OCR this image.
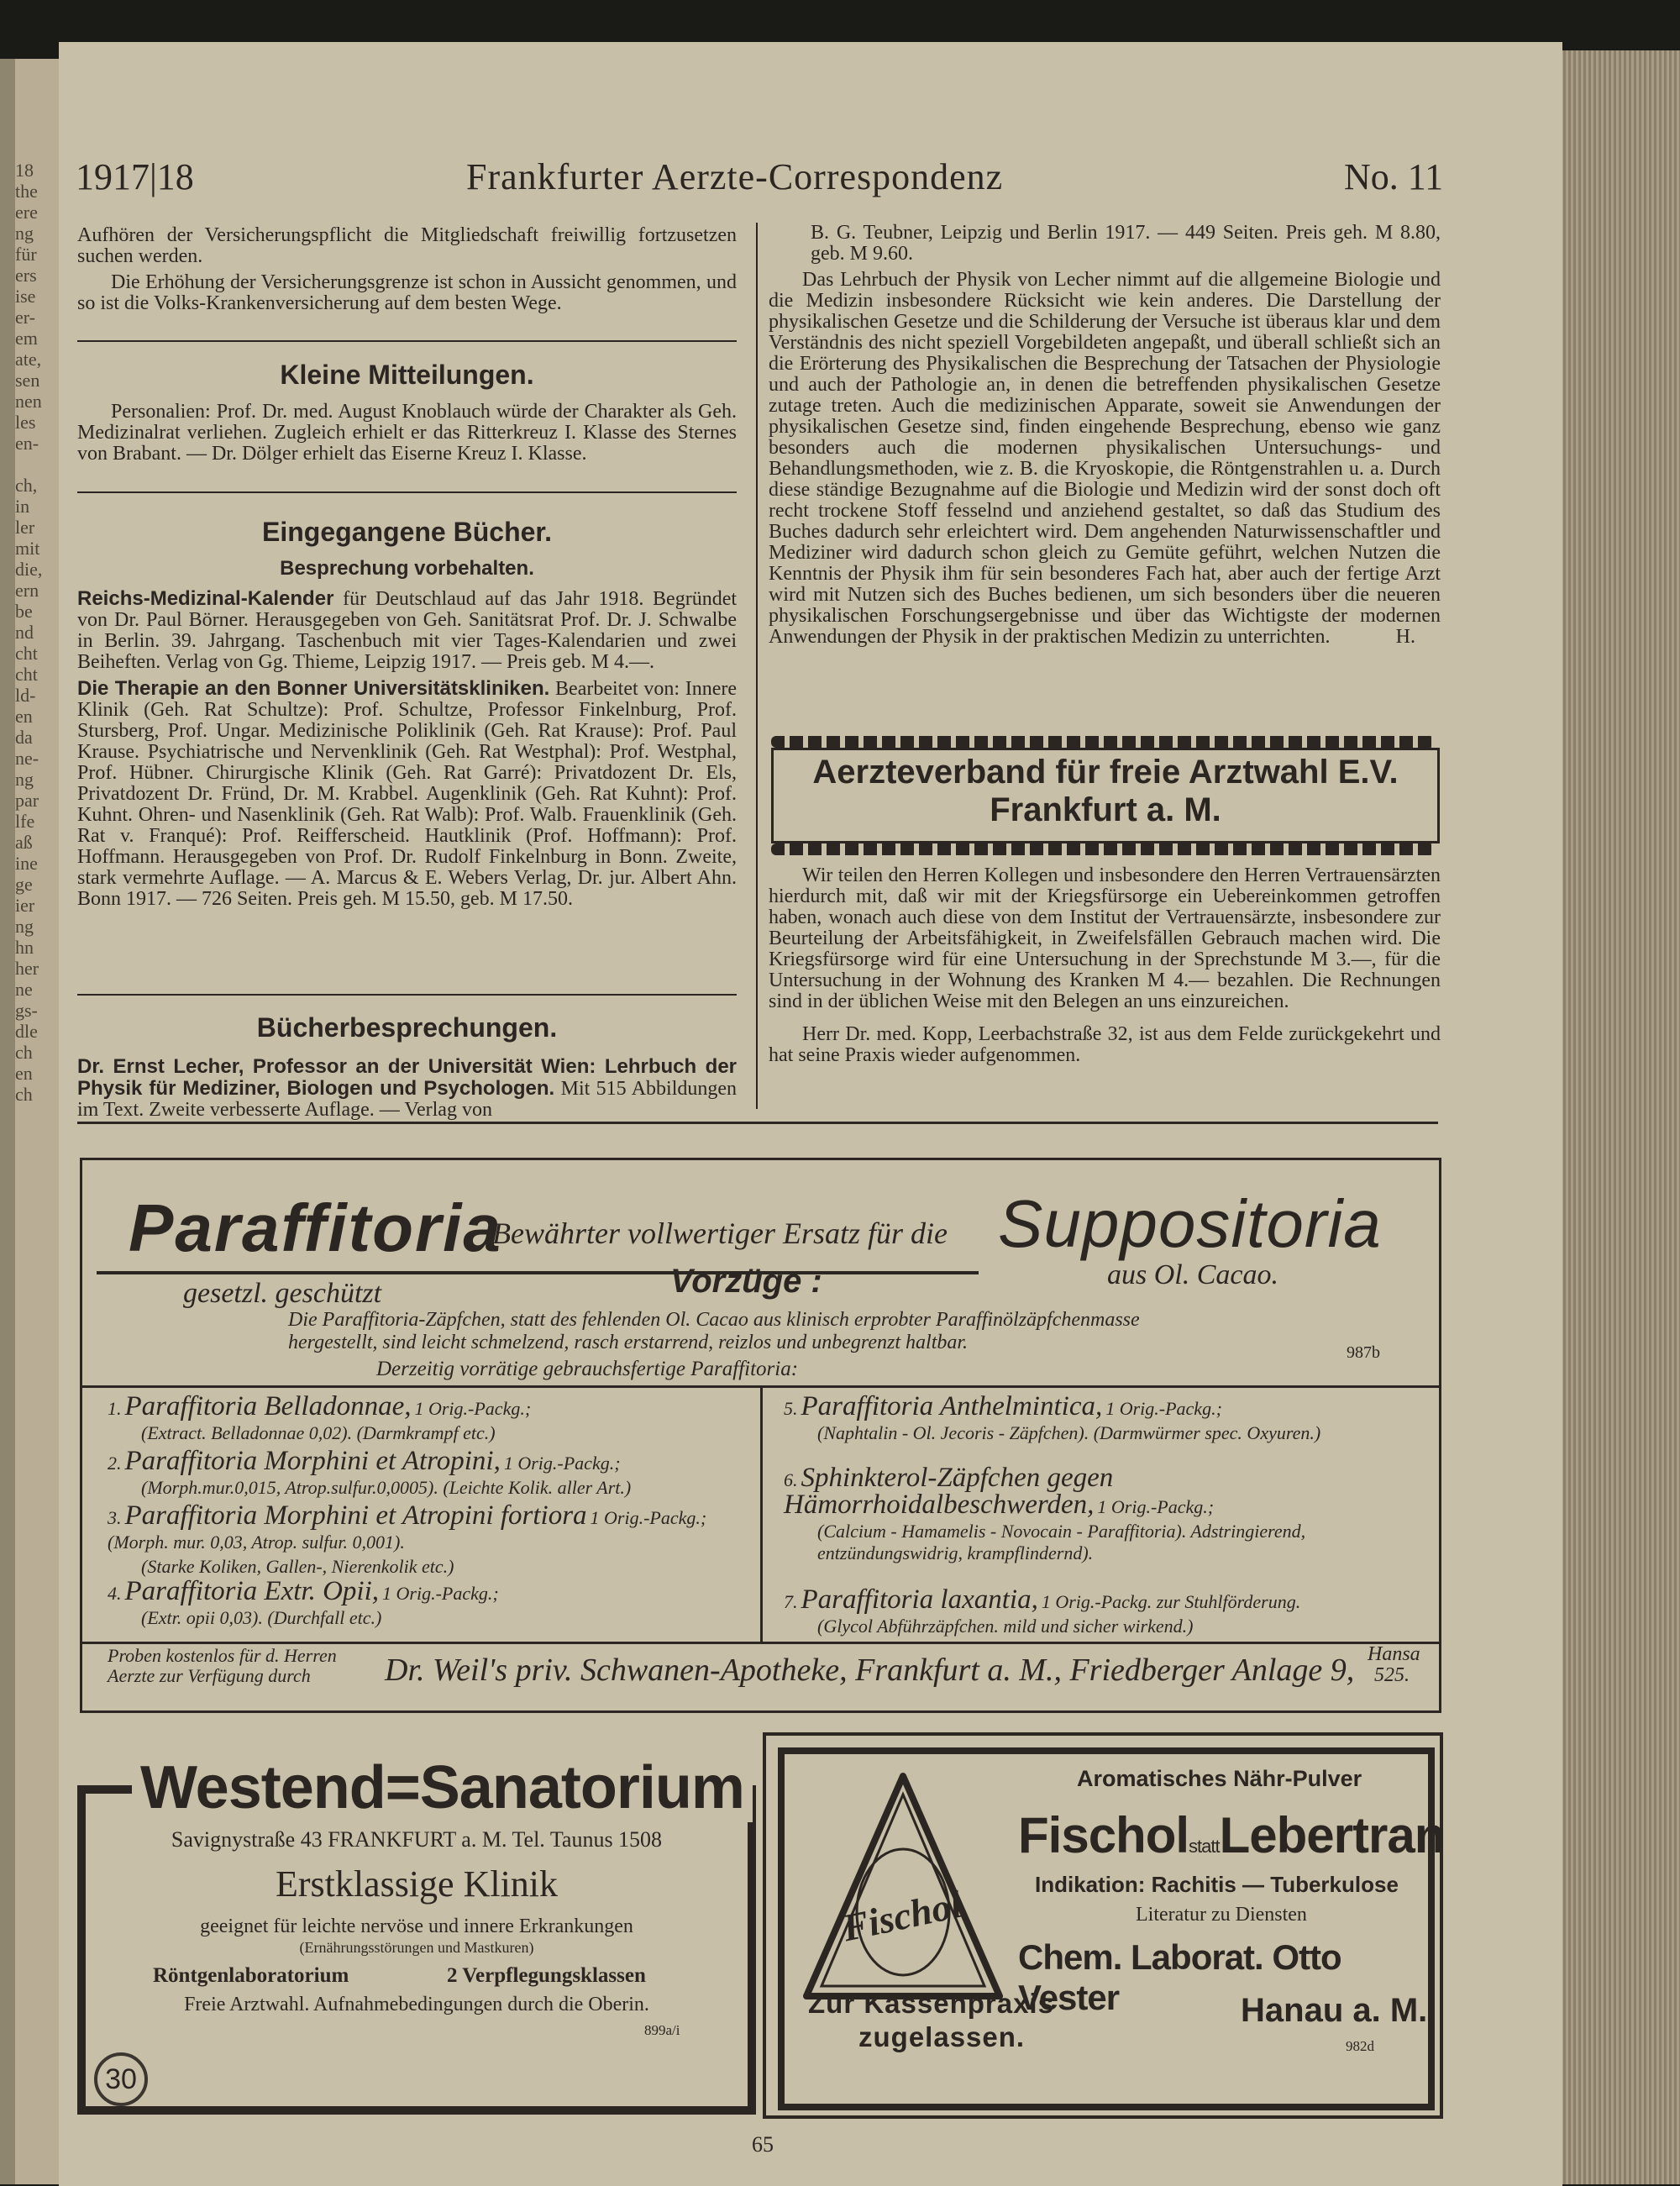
18
the
ere
ng
für
ers
ise
er-
em
ate,
sen
nen
les
en-
ch,
in
ler
mit
die,
ern
be
nd
cht
cht
ld-
en
da
ne-
ng
par
lfe
aß
ine
ge
ier
ng
hn
her
ne
gs-
dle
ch
en
ch
1917|18	Frankfurter Aerzte-Correspondenz	No. 11

Aufhören der Versicherungspflicht die Mitgliedschaft freiwillig fortzusetzen suchen werden.

Die Erhöhung der Versicherungsgrenze ist schon in Aussicht genommen, und so ist die Volks-Krankenversicherung auf dem besten Wege.

Kleine Mitteilungen.

Personalien: Prof. Dr. med. August Knoblauch würde der Charakter als Geh. Medizinalrat verliehen. Zugleich erhielt er das Ritterkreuz I. Klasse des Sternes von Brabant. — Dr. Dölger erhielt das Eiserne Kreuz I. Klasse.

Eingegangene Bücher.
Besprechung vorbehalten.

Reichs-Medizinal-Kalender für Deutschlaud auf das Jahr 1918. Begründet von Dr. Paul Börner. Herausgegeben von Geh. Sanitätsrat Prof. Dr. J. Schwalbe in Berlin. 39. Jahrgang. Taschenbuch mit vier Tages-Kalendarien und zwei Beiheften. Verlag von Gg. Thieme, Leipzig 1917. — Preis geb. M 4.—.

Die Therapie an den Bonner Universitätskliniken. Bearbeitet von: Innere Klinik (Geh. Rat Schultze): Prof. Schultze, Professor Finkelnburg, Prof. Stursberg, Prof. Ungar. Medizinische Poliklinik (Geh. Rat Krause): Prof. Paul Krause. Psychiatrische und Nervenklinik (Geh. Rat Westphal): Prof. Westphal, Prof. Hübner. Chirurgische Klinik (Geh. Rat Garré): Privatdozent Dr. Els, Privatdozent Dr. Fründ, Dr. M. Krabbel. Augenklinik (Geh. Rat Kuhnt): Prof. Kuhnt. Ohren- und Nasenklinik (Geh. Rat Walb): Prof. Walb. Frauenklinik (Geh. Rat v. Franqué): Prof. Reifferscheid. Hautklinik (Prof. Hoffmann): Prof. Hoffmann. Herausgegeben von Prof. Dr. Rudolf Finkelnburg in Bonn. Zweite, stark vermehrte Auflage. — A. Marcus & E. Webers Verlag, Dr. jur. Albert Ahn. Bonn 1917. — 726 Seiten. Preis geh. M 15.50, geb. M 17.50.

Bücherbesprechungen.

Dr. Ernst Lecher, Professor an der Universität Wien: Lehrbuch der Physik für Mediziner, Biologen und Psychologen. Mit 515 Abbildungen im Text. Zweite verbesserte Auflage. — Verlag von

B. G. Teubner, Leipzig und Berlin 1917. — 449 Seiten. Preis geh. M 8.80, geb. M 9.60.

Das Lehrbuch der Physik von Lecher nimmt auf die allgemeine Biologie und die Medizin insbesondere Rücksicht wie kein anderes. Die Darstellung der physikalischen Gesetze und die Schilderung der Versuche ist überaus klar und dem Verständnis des nicht speziell Vorgebildeten angepaßt, und überall schließt sich an die Erörterung des Physikalischen die Besprechung der Tatsachen der Physiologie und auch der Pathologie an, in denen die betreffenden physikalischen Gesetze zutage treten. Auch die medizinischen Apparate, soweit sie Anwendungen der physikalischen Gesetze sind, finden eingehende Besprechung, ebenso wie ganz besonders auch die modernen physikalischen Untersuchungs- und Behandlungsmethoden, wie z. B. die Kryoskopie, die Röntgenstrahlen u. a. Durch diese ständige Bezugnahme auf die Biologie und Medizin wird der sonst doch oft recht trockene Stoff fesselnd und anziehend gestaltet, so daß das Studium des Buches dadurch sehr erleichtert wird. Dem angehenden Naturwissenschaftler und Mediziner wird dadurch schon gleich zu Gemüte geführt, welchen Nutzen die Kenntnis der Physik ihm für sein besonderes Fach hat, aber auch der fertige Arzt wird mit Nutzen sich des Buches bedienen, um sich besonders über die neueren physikalischen Forschungsergebnisse und über das Wichtigste der modernen Anwendungen der Physik in der praktischen Medizin zu unterrichten.	H.
Aerzteverband für freie Arztwahl E.V.
Frankfurt a. M.

Wir teilen den Herren Kollegen und insbesondere den Herren Vertrauensärzten hierdurch mit, daß wir mit der Kriegsfürsorge ein Uebereinkommen getroffen haben, wonach auch diese von dem Institut der Vertrauensärzte, insbesondere zur Beurteilung der Arbeitsfähigkeit, in Zweifelsfällen Gebrauch machen wird. Die Kriegsfürsorge wird für eine Untersuchung in der Sprechstunde M 3.—, für die Untersuchung in der Wohnung des Kranken M 4.— bezahlen. Die Rechnungen sind in der üblichen Weise mit den Belegen an uns einzureichen.

Herr Dr. med. Kopp, Leerbachstraße 32, ist aus dem Felde zurückgekehrt und hat seine Praxis wieder aufgenommen.

Paraffitoria
Bewährter vollwertiger Ersatz für die Suppositoria
gesetzl. geschützt	Vorzüge :	aus Ol. Cacao.
Die Paraffitoria-Zäpfchen, statt des fehlenden Ol. Cacao aus klinisch erprobter Paraffinölzäpfchenmasse hergestellt, sind leicht schmelzend, rasch erstarrend, reizlos und unbegrenzt haltbar.
Derzeitig vorrätige gebrauchsfertige Paraffitoria:
987b
1. Paraffitoria Belladonnae, 1 Orig.-Packg.;
(Extract. Belladonnae 0,02). (Darmkrampf etc.)
2. Paraffitoria Morphini et Atropini, 1 Orig.-Packg.;
(Morph.mur.0,015, Atrop.sulfur.0,0005). (Leichte Kolik. aller Art.)
3. Paraffitoria Morphini et Atropini fortiora 1 Orig.-Packg.; (Morph. mur. 0,03, Atrop. sulfur. 0,001).
(Starke Koliken, Gallen-, Nierenkolik etc.)
4. Paraffitoria Extr. Opii, 1 Orig.-Packg.;
(Extr. opii 0,03). (Durchfall etc.)
5. Paraffitoria Anthelmintica, 1 Orig.-Packg.;
(Naphtalin - Ol. Jecoris - Zäpfchen). (Darmwürmer spec. Oxyuren.)
6. Sphinkterol-Zäpfchen gegen Hämorrhoidalbeschwerden, 1 Orig.-Packg.;
(Calcium - Hamamelis - Novocain - Paraffitoria). Adstringierend, entzündungswidrig, krampflindernd).
7. Paraffitoria laxantia, 1 Orig.-Packg. zur Stuhlförderung.
(Glycol Abführzäpfchen. mild und sicher wirkend.)
Proben kostenlos für d. Herren Aerzte zur Verfügung durch	Dr. Weil's priv. Schwanen-Apotheke, Frankfurt a. M., Friedberger Anlage 9, Hansa
525.
Westend=Sanatorium
Savignystraße 43 FRANKFURT a. M. Tel. Taunus 1508
Erstklassige Klinik
geeignet für leichte nervöse und innere Erkrankungen
(Ernährungsstörungen und Mastkuren)
Röntgenlaboratorium	2 Verpflegungsklassen
Freie Arztwahl. Aufnahmebedingungen durch die Oberin.
899a/i
Fischol
Aromatisches Nähr-Pulver
FischolstattLebertran
Indikation: Rachitis — Tuberkulose
Literatur zu Diensten
Chem. Laborat. Otto Vester
Zur Kassenpraxis
zugelassen.
Hanau a. M.
982d
30
65
